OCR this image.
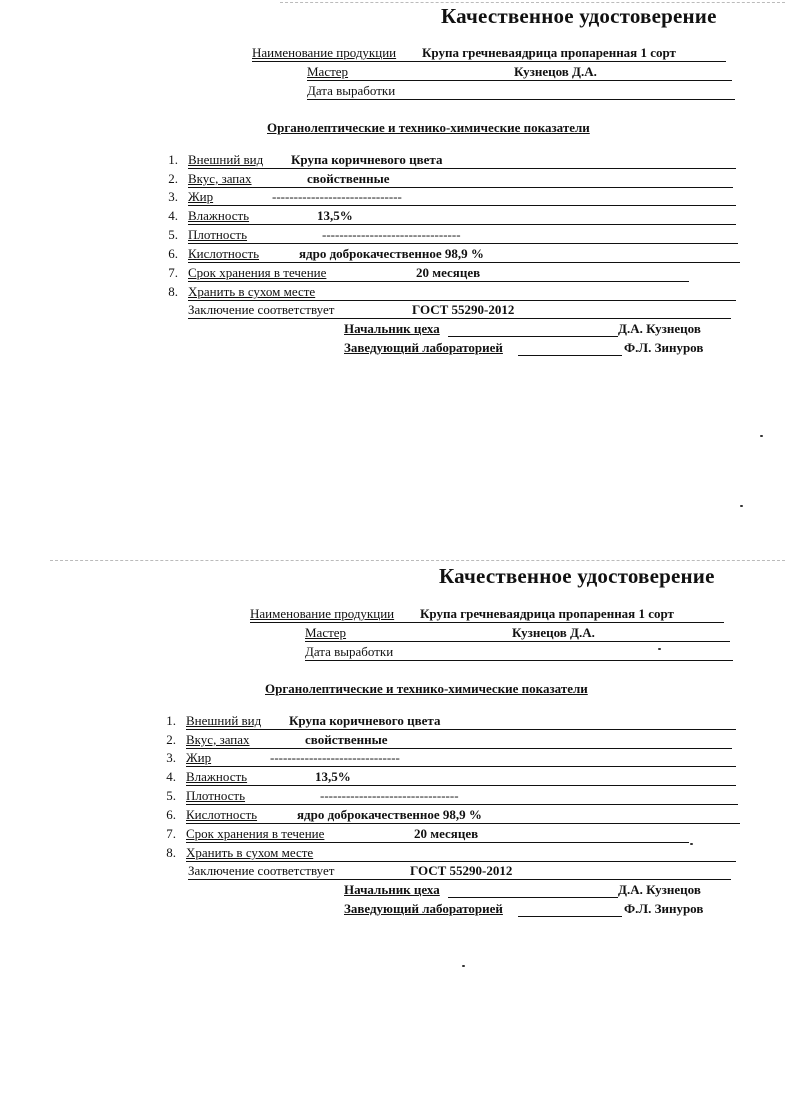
Качественное удостоверение
Наименование продукции Крупа гречневаядрица пропаренная 1 сорт
Мастер	Кузнецов Д.А.
Дата выработки
Органолептические и технико-химические показатели
1. Внешний вид Крупа коричневого цвета
2. Вкус, запах	свойственные
3. Жир	------------------------------
4. Влажность	13,5%
5. Плотность	--------------------------------
6. Кислотность	ядро доброкачественное 98,9 %
7. Срок хранения в течение	20 месяцев
8. Хранить в сухом месте
Заключение соответствует	ГОСТ 55290-2012
Начальник цеха	Д.А. Кузнецов
Заведующий лабораторией	Ф.Л. Зинуров
Качественное удостоверение
Наименование продукции Крупа гречневаядрица пропаренная 1 сорт
Мастер	Кузнецов Д.А.
Дата выработки
Органолептические и технико-химические показатели
1. Внешний вид Крупа коричневого цвета
2. Вкус, запах	свойственные
3. Жир	------------------------------
4. Влажность	13,5%
5. Плотность	--------------------------------
6. Кислотность	ядро доброкачественное 98,9 %
7. Срок хранения в течение	20 месяцев
8. Хранить в сухом месте
Заключение соответствует	ГОСТ 55290-2012
Начальник цеха	Д.А. Кузнецов
Заведующий лабораторией	Ф.Л. Зинуров
